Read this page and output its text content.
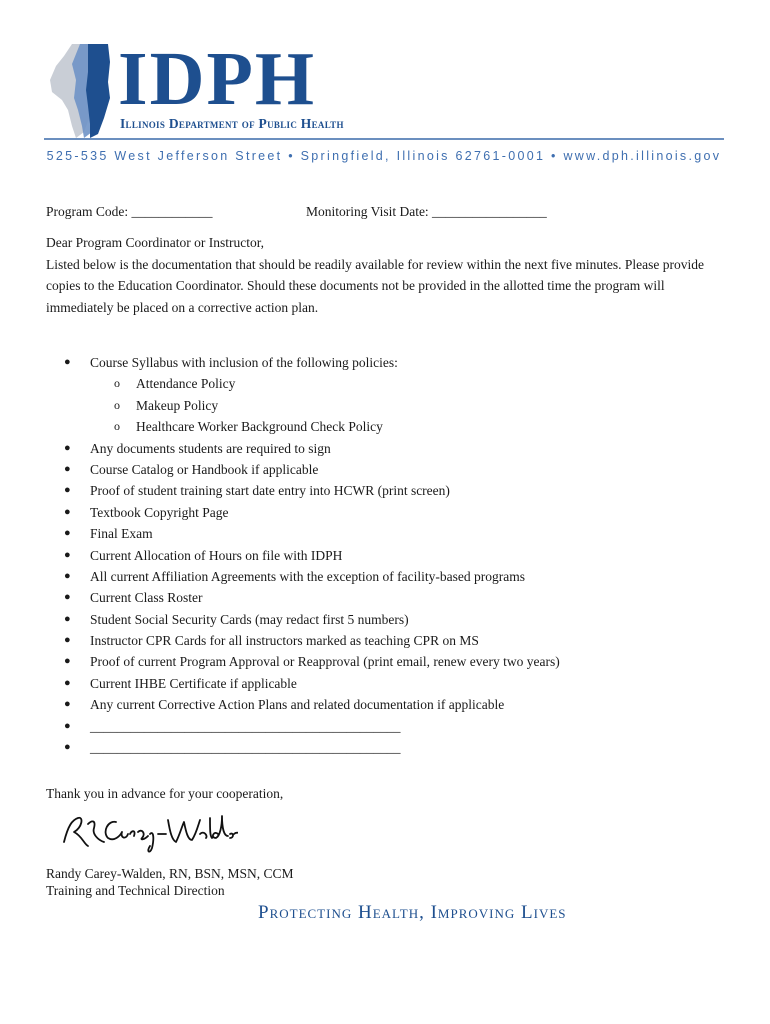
IDPH
Illinois Department of Public Health
525-535 West Jefferson Street • Springfield, Illinois 62761-0001 • www.dph.illinois.gov
Program Code: ____________	Monitoring Visit Date: _________________

Dear Program Coordinator or Instructor,

Listed below is the documentation that should be readily available for review within the next five minutes. Please provide copies to the Education Coordinator. Should these documents not be provided in the allotted time the program will immediately be placed on a corrective action plan.

● Course Syllabus with inclusion of the following policies:
o Attendance Policy
o Makeup Policy
o Healthcare Worker Background Check Policy
● Any documents students are required to sign
● Course Catalog or Handbook if applicable
● Proof of student training start date entry into HCWR (print screen)
● Textbook Copyright Page
● Final Exam
● Current Allocation of Hours on file with IDPH
● All current Affiliation Agreements with the exception of facility-based programs
● Current Class Roster
● Student Social Security Cards (may redact first 5 numbers)
● Instructor CPR Cards for all instructors marked as teaching CPR on MS
● Proof of current Program Approval or Reapproval (print email, renew every two years)
● Current IHBE Certificate if applicable
● Any current Corrective Action Plans and related documentation if applicable
● ______________________________________________
● ______________________________________________
Thank you in advance for your cooperation,
Randy Carey-Walden, RN, BSN, MSN, CCM
Training and Technical Direction
Protecting Health, Improving Lives
